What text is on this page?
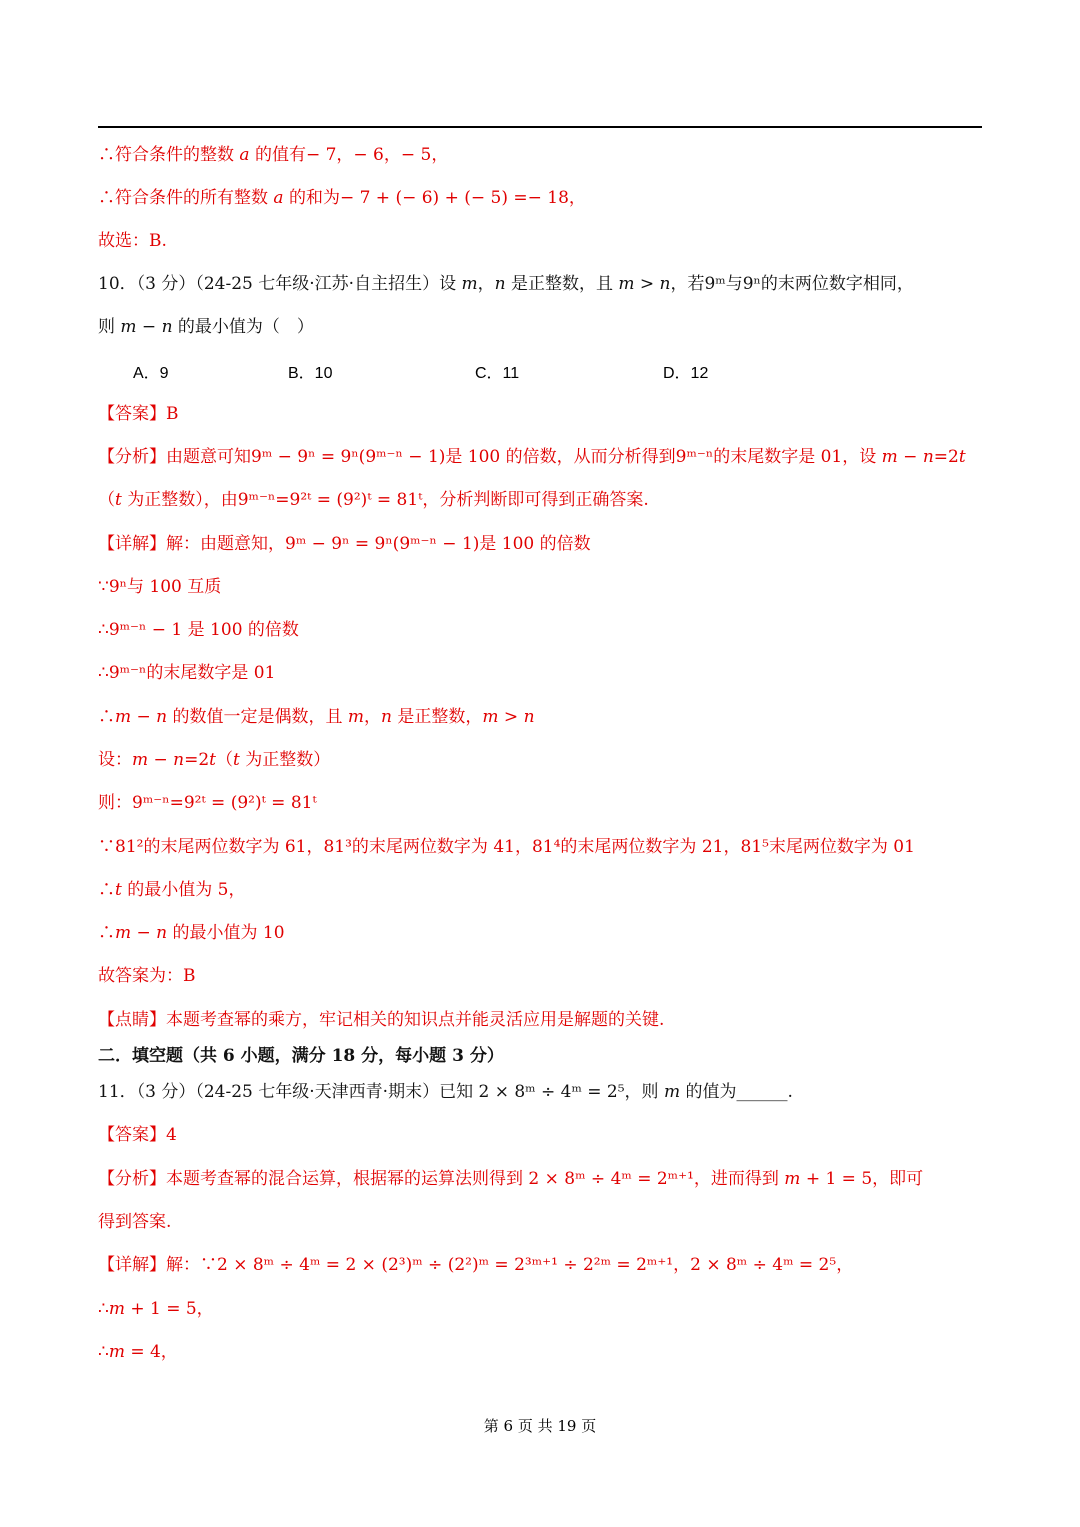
∴符合条件的整数 𝑎 的值有− 7，− 6，− 5，
∴符合条件的所有整数 𝑎 的和为− 7 + (− 6) + (− 5) =− 18，
故选：B.
10．（3 分）（24-25 七年级·江苏·自主招生）设 𝑚，𝑛 是正整数，且 𝑚 > 𝑛，若9ᵐ与9ⁿ的末两位数字相同，
则 𝑚 − 𝑛 的最小值为（　）
A．9	B．10	C．11	D．12
【答案】B
【分析】由题意可知9ᵐ − 9ⁿ = 9ⁿ(9ᵐ⁻ⁿ − 1)是 100 的倍数，从而分析得到9ᵐ⁻ⁿ的末尾数字是 01，设 𝑚 − 𝑛=2𝑡
（𝑡 为正整数），由9ᵐ⁻ⁿ=9²ᵗ = (9²)ᵗ = 81ᵗ，分析判断即可得到正确答案.
【详解】解：由题意知，9ᵐ − 9ⁿ = 9ⁿ(9ᵐ⁻ⁿ − 1)是 100 的倍数
∵9ⁿ与 100 互质
∴9ᵐ⁻ⁿ − 1 是 100 的倍数
∴9ᵐ⁻ⁿ的末尾数字是 01
∴𝑚 − 𝑛 的数值一定是偶数，且 𝑚，𝑛 是正整数，𝑚 > 𝑛
设：𝑚 − 𝑛=2𝑡（𝑡 为正整数）
则：9ᵐ⁻ⁿ=9²ᵗ = (9²)ᵗ = 81ᵗ
∵81²的末尾两位数字为 61，81³的末尾两位数字为 41，81⁴的末尾两位数字为 21，81⁵末尾两位数字为 01
∴𝑡 的最小值为 5，
∴𝑚 − 𝑛 的最小值为 10
故答案为：B
【点睛】本题考查幂的乘方，牢记相关的知识点并能灵活应用是解题的关键.
二．填空题（共 6 小题，满分 18 分，每小题 3 分）
11．（3 分）（24-25 七年级·天津西青·期末）已知 2 × 8ᵐ ÷ 4ᵐ = 2⁵，则 𝑚 的值为______.
【答案】4
【分析】本题考查幂的混合运算，根据幂的运算法则得到 2 × 8ᵐ ÷ 4ᵐ = 2ᵐ⁺¹，进而得到 𝑚 + 1 = 5，即可
得到答案.
【详解】解：∵2 × 8ᵐ ÷ 4ᵐ = 2 × (2³)ᵐ ÷ (2²)ᵐ = 2³ᵐ⁺¹ ÷ 2²ᵐ = 2ᵐ⁺¹，2 × 8ᵐ ÷ 4ᵐ = 2⁵，
∴𝑚 + 1 = 5，
∴𝑚 = 4，
第 6 页 共 19 页
